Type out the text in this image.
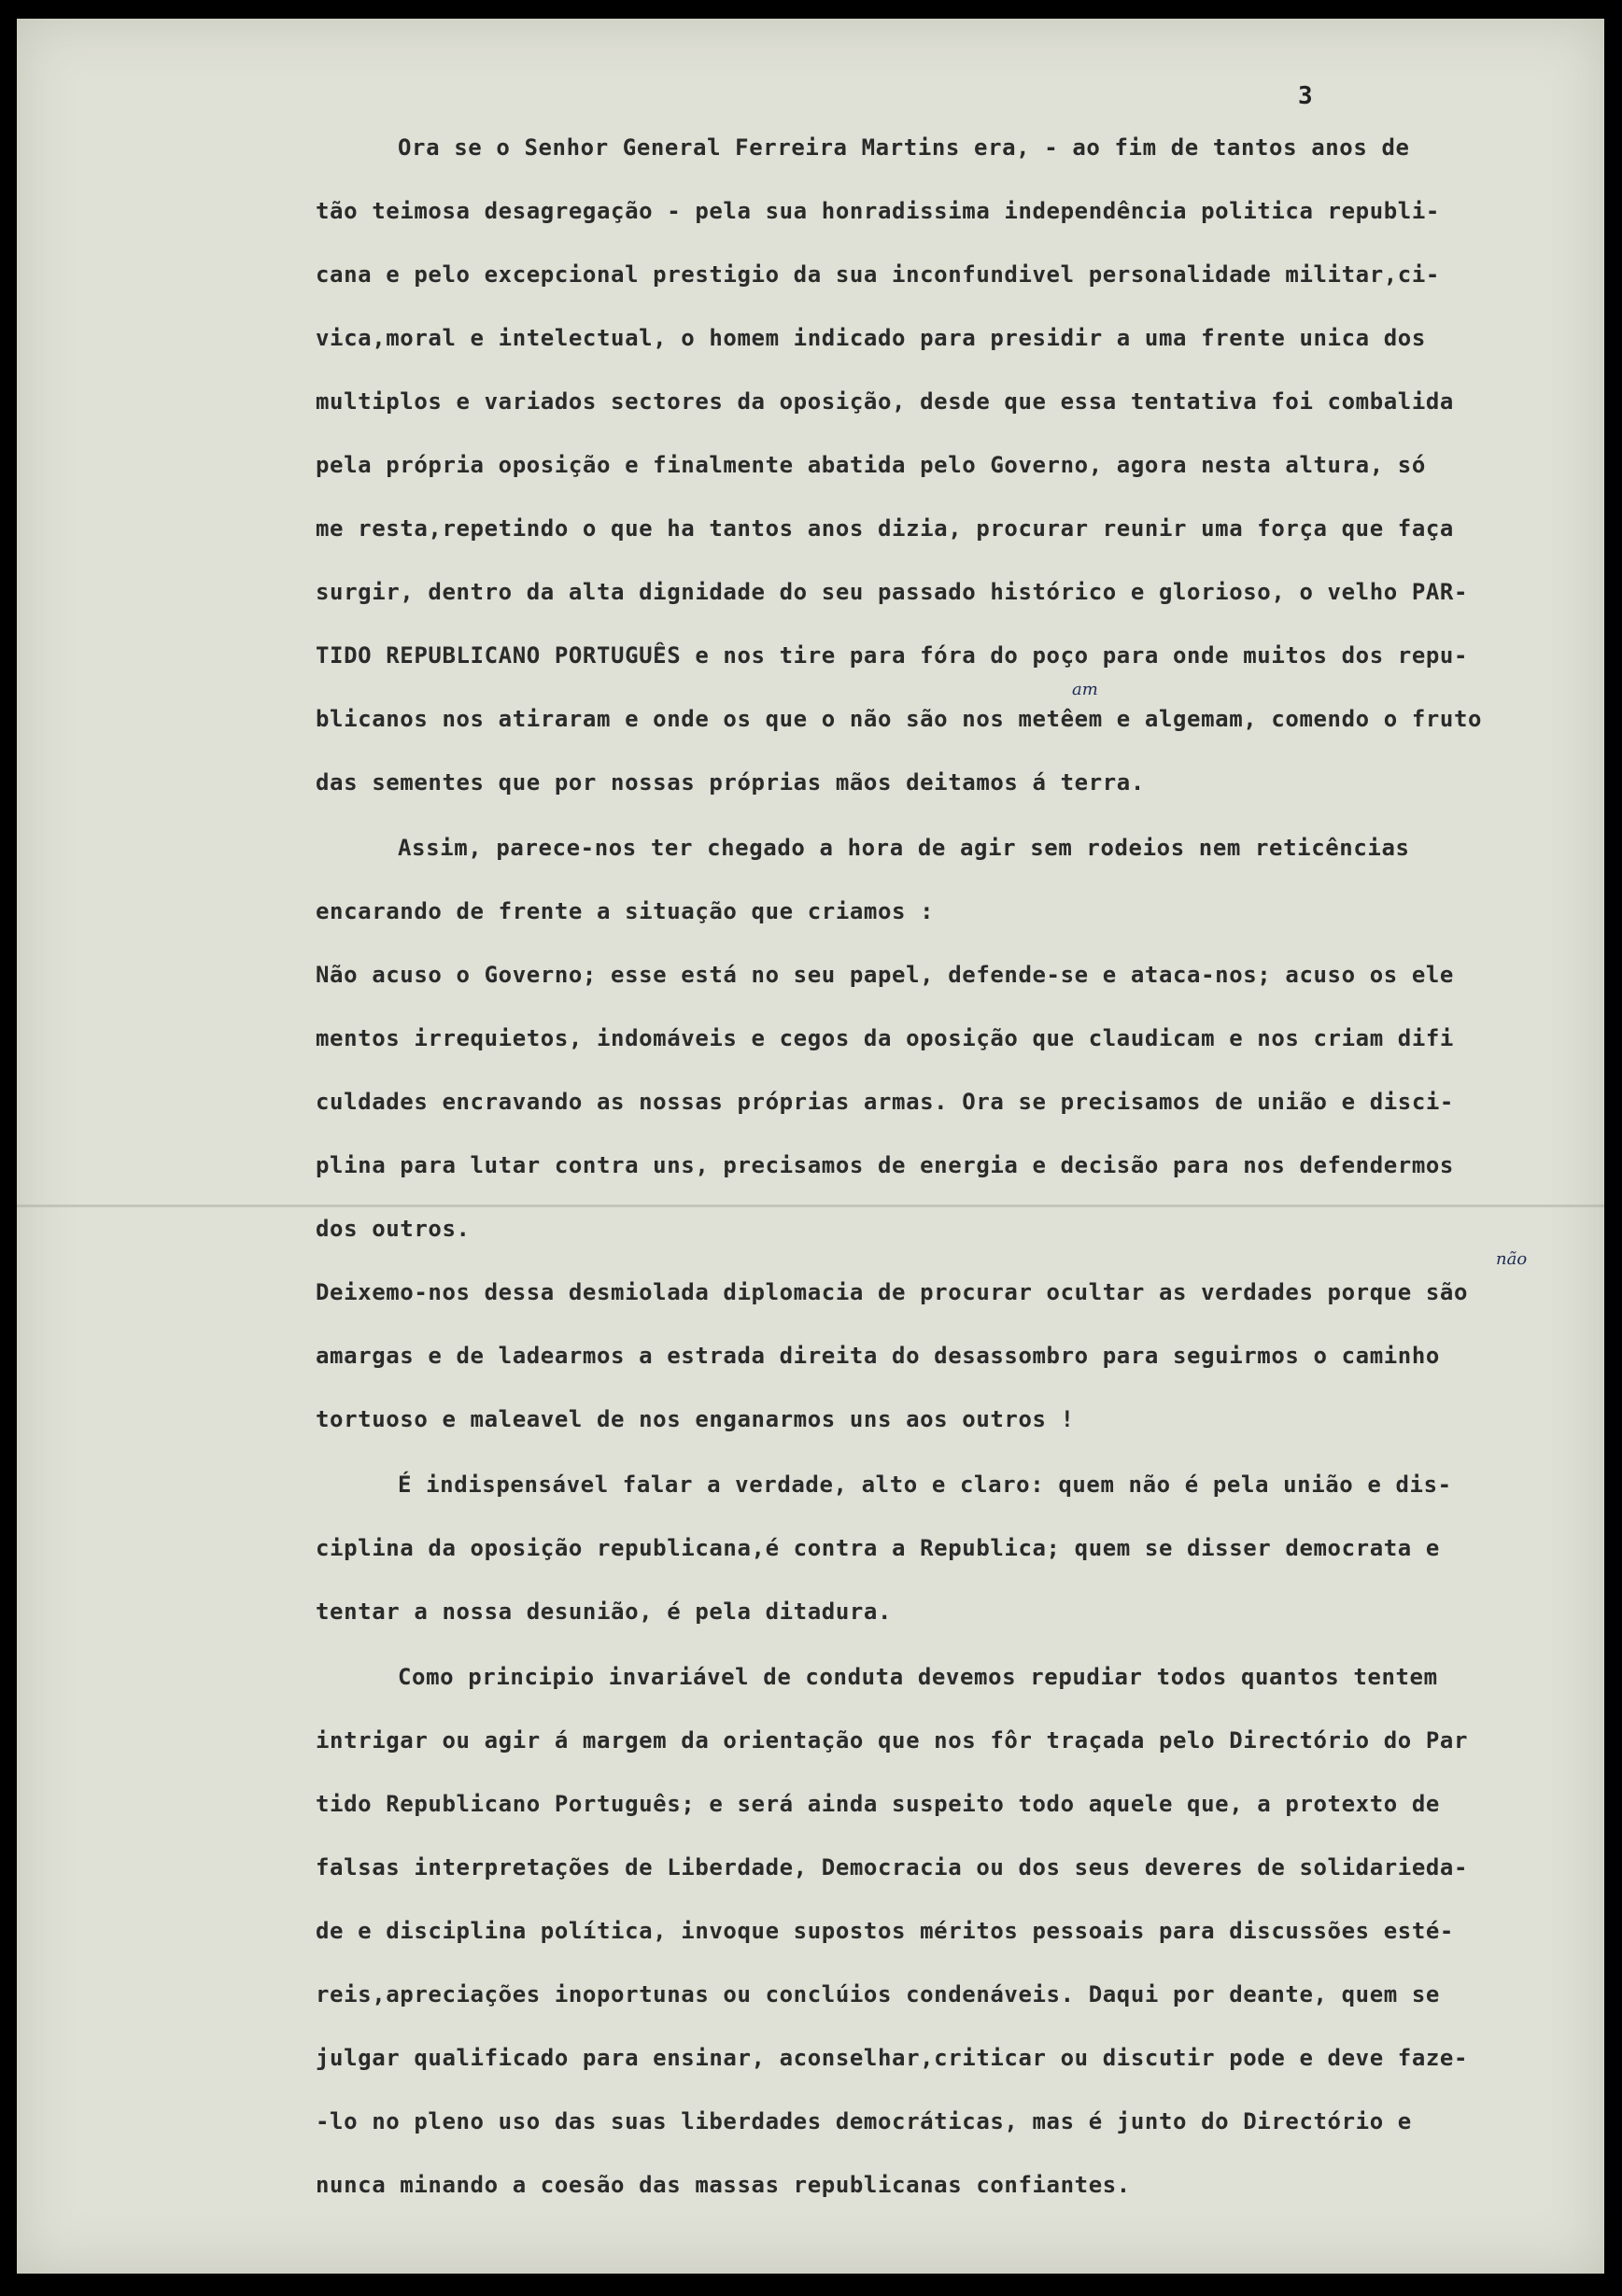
3
Ora se o Senhor General Ferreira Martins era, - ao fim de tantos anos de
tão teimosa desagregação - pela sua honradissima independência politica republi-
cana e pelo excepcional prestigio da sua inconfundivel personalidade militar,ci-
vica,moral e intelectual, o homem indicado para presidir a uma frente unica dos
multiplos e variados sectores da oposição, desde que essa tentativa foi combalida
pela própria oposição e finalmente abatida pelo Governo, agora nesta altura, só
me resta,repetindo o que ha tantos anos dizia, procurar reunir uma força que faça
surgir, dentro da alta dignidade do seu passado histórico e glorioso, o velho PAR-
TIDO REPUBLICANO PORTUGUÊS e nos tire para fóra do poço para onde muitos dos repu-
blicanos nos atiraram e onde os que o não são nos metêem e algemam, comendo o fruto
das sementes que por nossas próprias mãos deitamos á terra.
Assim, parece-nos ter chegado a hora de agir sem rodeios nem reticências
encarando de frente a situação que criamos :
Não acuso o Governo; esse está no seu papel, defende-se e ataca-nos; acuso os ele
mentos irrequietos, indomáveis e cegos da oposição que claudicam e nos criam difi
culdades encravando as nossas próprias armas. Ora se precisamos de união e disci-
plina para lutar contra uns, precisamos de energia e decisão para nos defendermos
dos outros.
Deixemo-nos dessa desmiolada diplomacia de procurar ocultar as verdades porque são
amargas e de ladearmos a estrada direita do desassombro para seguirmos o caminho
tortuoso e maleavel de nos enganarmos uns aos outros !
É indispensável falar a verdade, alto e claro: quem não é pela união e dis-
ciplina da oposição republicana,é contra a Republica; quem se disser democrata e
tentar a nossa desunião, é pela ditadura.
Como principio invariável de conduta devemos repudiar todos quantos tentem
intrigar ou agir á margem da orientação que nos fôr traçada pelo Directório do Par
tido Republicano Português; e será ainda suspeito todo aquele que, a protexto de
falsas interpretações de Liberdade, Democracia ou dos seus deveres de solidarieda-
de e disciplina política, invoque supostos méritos pessoais para discussões esté-
reis,apreciações inoportunas ou conclúios condenáveis. Daqui por deante, quem se
julgar qualificado para ensinar, aconselhar,criticar ou discutir pode e deve faze-
-lo no pleno uso das suas liberdades democráticas, mas é junto do Directório e
nunca minando a coesão das massas republicanas confiantes.
am
não
